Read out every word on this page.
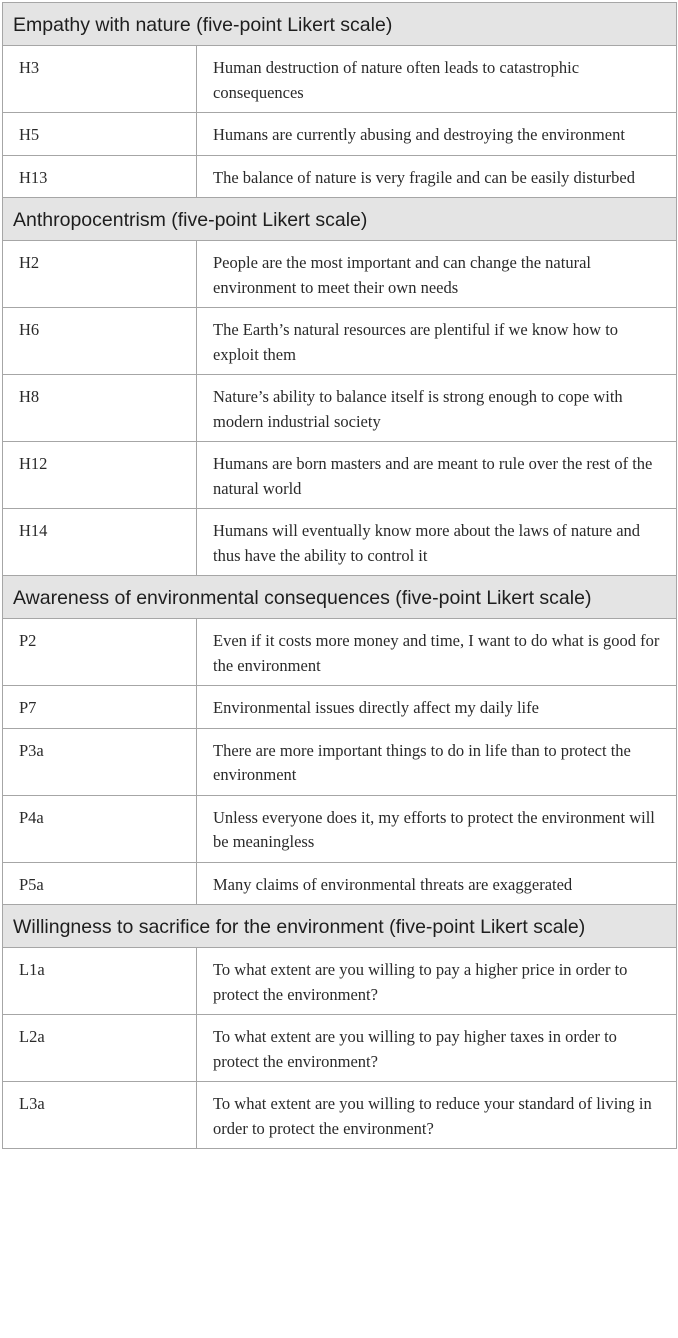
Empathy with nature (five-point Likert scale)	
H3	Human destruction of nature often leads to catastrophic consequences
H5	Humans are currently abusing and destroying the environment
H13	The balance of nature is very fragile and can be easily disturbed
Anthropocentrism (five-point Likert scale)	
H2	People are the most important and can change the natural environment to meet their own needs
H6	The Earth’s natural resources are plentiful if we know how to exploit them
H8	Nature’s ability to balance itself is strong enough to cope with modern industrial society
H12	Humans are born masters and are meant to rule over the rest of the natural world
H14	Humans will eventually know more about the laws of nature and thus have the ability to control it
Awareness of environmental consequences (five-point Likert scale)	
P2	Even if it costs more money and time, I want to do what is good for the environment
P7	Environmental issues directly affect my daily life
P3a	There are more important things to do in life than to protect the environment
P4a	Unless everyone does it, my efforts to protect the environment will be meaningless
P5a	Many claims of environmental threats are exaggerated
Willingness to sacrifice for the environment (five-point Likert scale)	
L1a	To what extent are you willing to pay a higher price in order to protect the environment?
L2a	To what extent are you willing to pay higher taxes in order to protect the environment?
L3a	To what extent are you willing to reduce your standard of living in order to protect the environment?
